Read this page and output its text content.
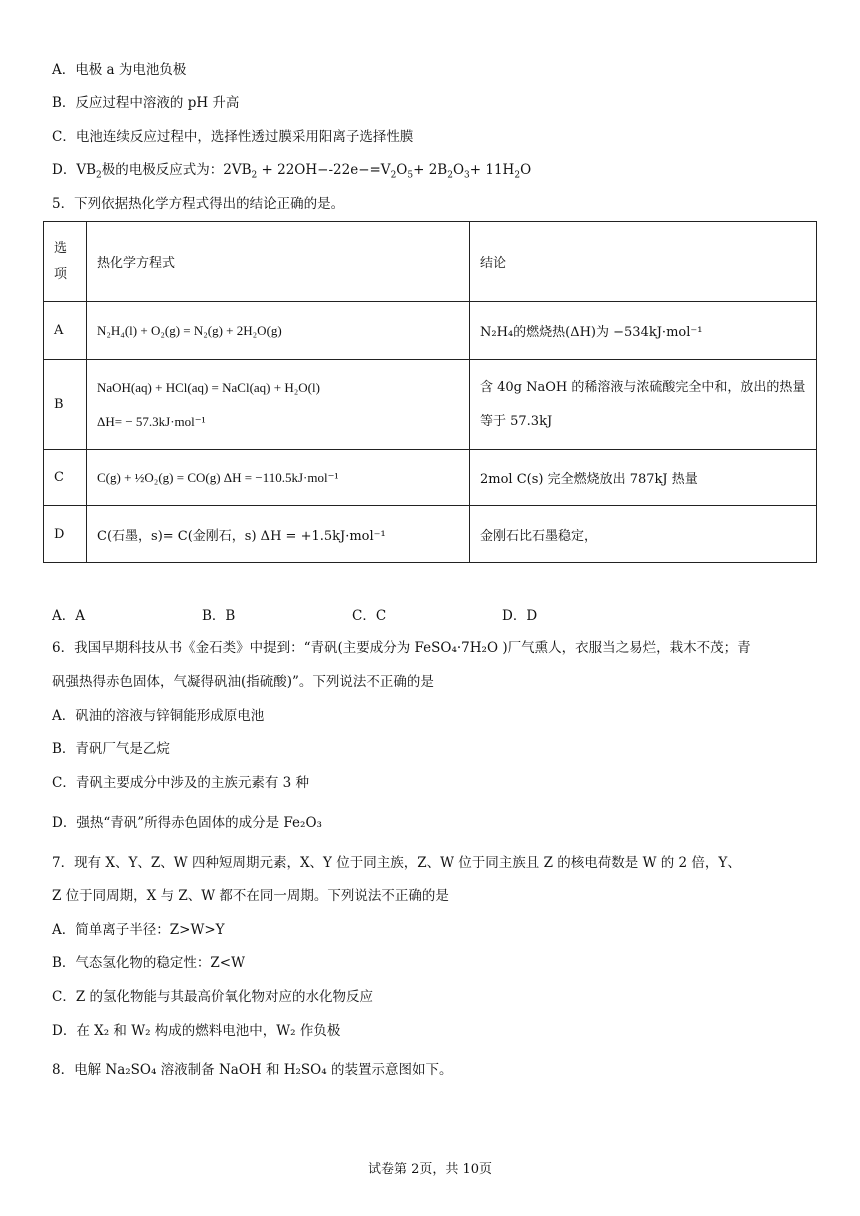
A．电极 a 为电池负极
B．反应过程中溶液的 pH 升高
C．电池连续反应过程中，选择性透过膜采用阳离子选择性膜
D．$VB_2$极的电极反应式为：$2VB_2 + 22OH--22e-=V_2O_5+ 2B_2O_3+ 11H_2O$
5．下列依据热化学方程式得出的结论正确的是。
选
项	热化学方程式	结论
A	N₂H₄(l) + O₂(g) = N₂(g) + 2H₂O(g)	N₂H₄的燃烧热(ΔH)为 −534kJ·mol⁻¹
B	NaOH(aq) + HCl(aq) = NaCl(aq) + H₂O(l)
ΔH= − 57.3kJ·mol⁻¹	含 40g NaOH 的稀溶液与浓硫酸完全中和，放出的热量等于 57.3kJ
C	C(g) + ½O₂(g) = CO(g) ΔH = −110.5kJ·mol⁻¹	2mol C(s) 完全燃烧放出 787kJ 热量
D	C(石墨，s)= C(金刚石，s) ΔH = +1.5kJ·mol⁻¹	金刚石比石墨稳定，
A．A	B．B	C．C	D．D
6．我国早期科技从书《金石类》中提到：“青矾(主要成分为 FeSO₄·7H₂O )厂气熏人，衣服当之易烂，栽木不茂；青
矾强热得赤色固体，气凝得矾油(指硫酸)”。下列说法不正确的是
A．矾油的溶液与锌铜能形成原电池
B．青矾厂气是乙烷
C．青矾主要成分中涉及的主族元素有 3 种
D．强热“青矾”所得赤色固体的成分是 Fe₂O₃
7．现有 X、Y、Z、W 四种短周期元素，X、Y 位于同主族，Z、W 位于同主族且 Z 的核电荷数是 W 的 2 倍，Y、
Z 位于同周期，X 与 Z、W 都不在同一周期。下列说法不正确的是
A．简单离子半径：Z>W>Y
B．气态氢化物的稳定性：Z<W
C．Z 的氢化物能与其最高价氧化物对应的水化物反应
D．在 X₂ 和 W₂ 构成的燃料电池中，W₂ 作负极
8．电解 Na₂SO₄ 溶液制备 NaOH 和 H₂SO₄ 的装置示意图如下。
试卷第 2页，共 10页
